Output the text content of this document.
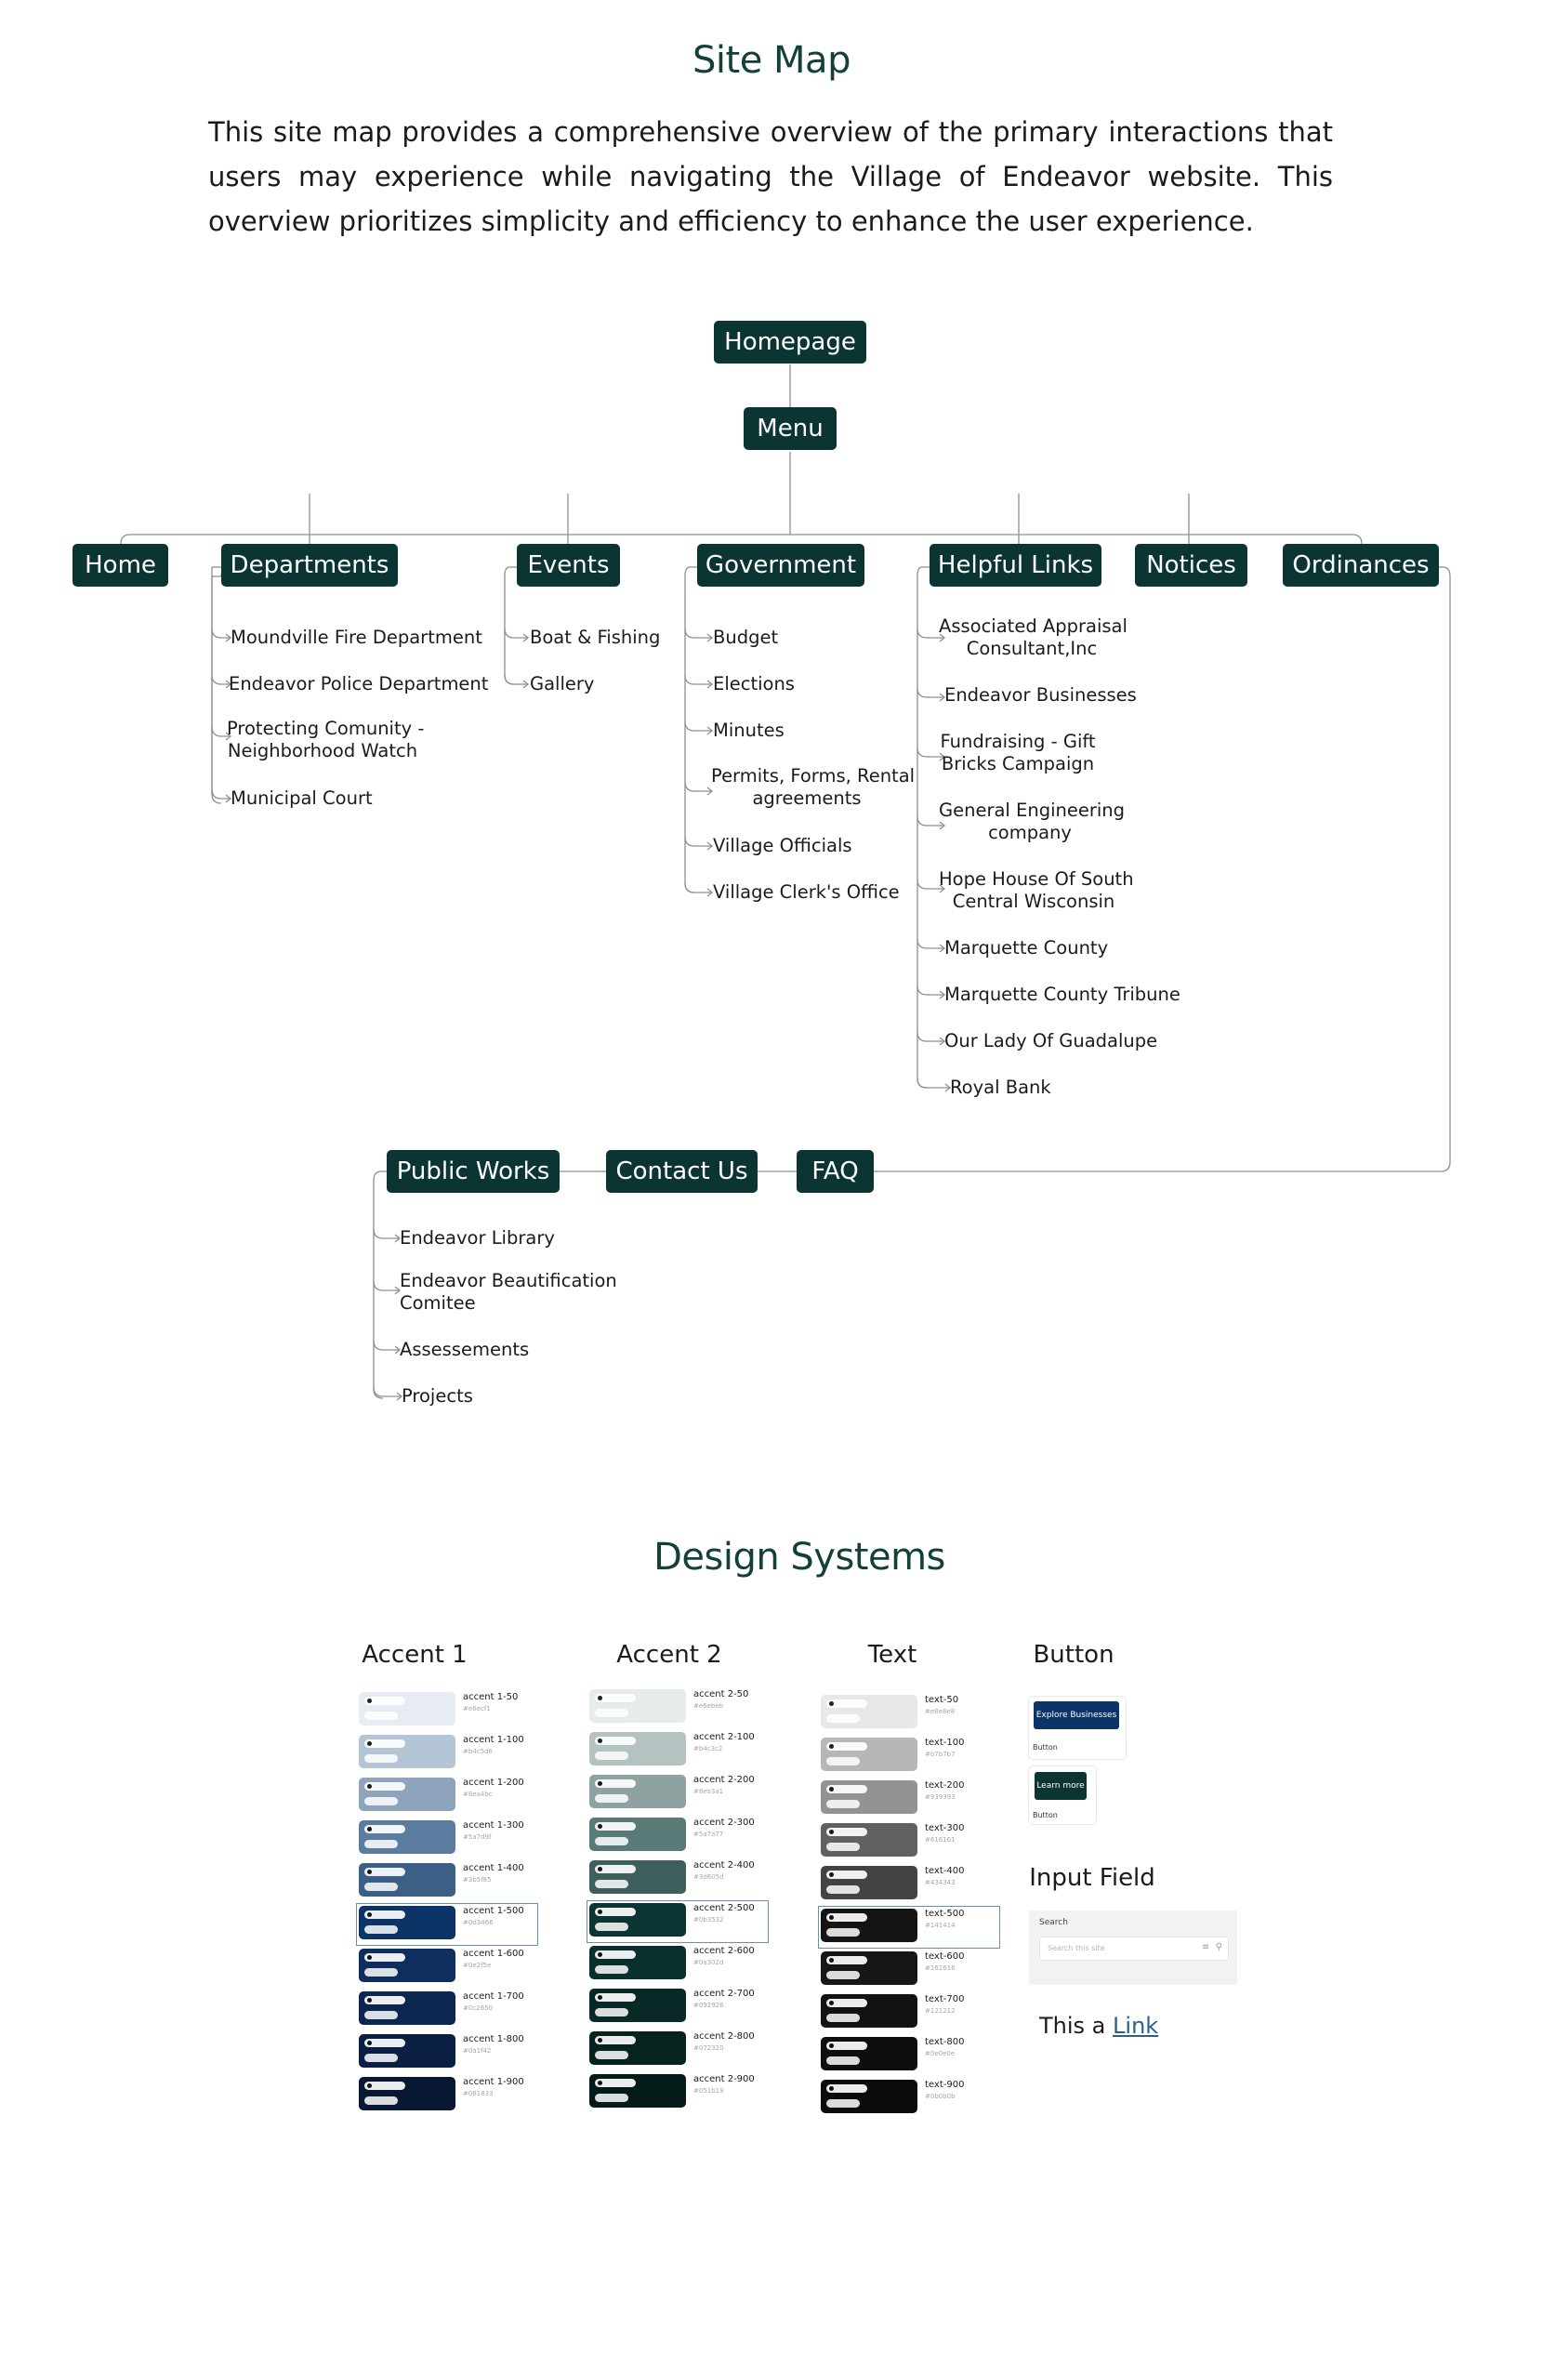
Site Map

This site map provides a comprehensive overview of the primary interactions that users may experience while navigating the Village of Endeavor website. This overview prioritizes simplicity and efficiency to enhance the user experience.

Homepage
Menu
Home	Departments	Events	Government	Helpful Links	Notices	Ordinances
Moundville Fire Department
Endeavor Police Department
Protecting Comunity -
Neighborhood Watch
Municipal Court
Boat & Fishing
Gallery
Budget
Elections
Minutes
Permits, Forms, Rental
agreements
Village Officials
Village Clerk's Office
Associated Appraisal
Consultant,Inc
Endeavor Businesses
Fundraising - Gift
Bricks Campaign
General Engineering
company
Hope House Of South
Central Wisconsin
Marquette County
Marquette County Tribune
Our Lady Of Guadalupe
Royal Bank
Public Works	Contact Us	FAQ
Endeavor Library
Endeavor Beautification
Comitee
Assessements
Projects
Design Systems
Accent 1	Accent 2	Text	Button
Input Field
accent 1-50
#e6ecf1
accent 1-100
#b4c5d6
accent 1-200
#8ea4bc
accent 1-300
#5a7d9f
accent 1-400
#3b5f85
accent 1-500
#0d3466
accent 1-600
#0e2f5e
accent 1-700
#0c2650
accent 1-800
#0a1f42
accent 1-900
#081833
accent 2-50
#e6ebeb
accent 2-100
#b4c3c2
accent 2-200
#8ea3a1
accent 2-300
#5a7a77
accent 2-400
#3d605d
accent 2-500
#0b3532
accent 2-600
#0a302d
accent 2-700
#092926
accent 2-800
#072320
accent 2-900
#051b19
text-50
#e8e8e8
text-100
#b7b7b7
text-200
#939393
text-300
#616161
text-400
#434343
text-500
#141414
text-600
#161616
text-700
#121212
text-800
#0e0e0e
text-900
#0b0b0b
Explore Businesses
Button
Learn more
Button
Search
Search this site	≡ ⚲
This a Link
